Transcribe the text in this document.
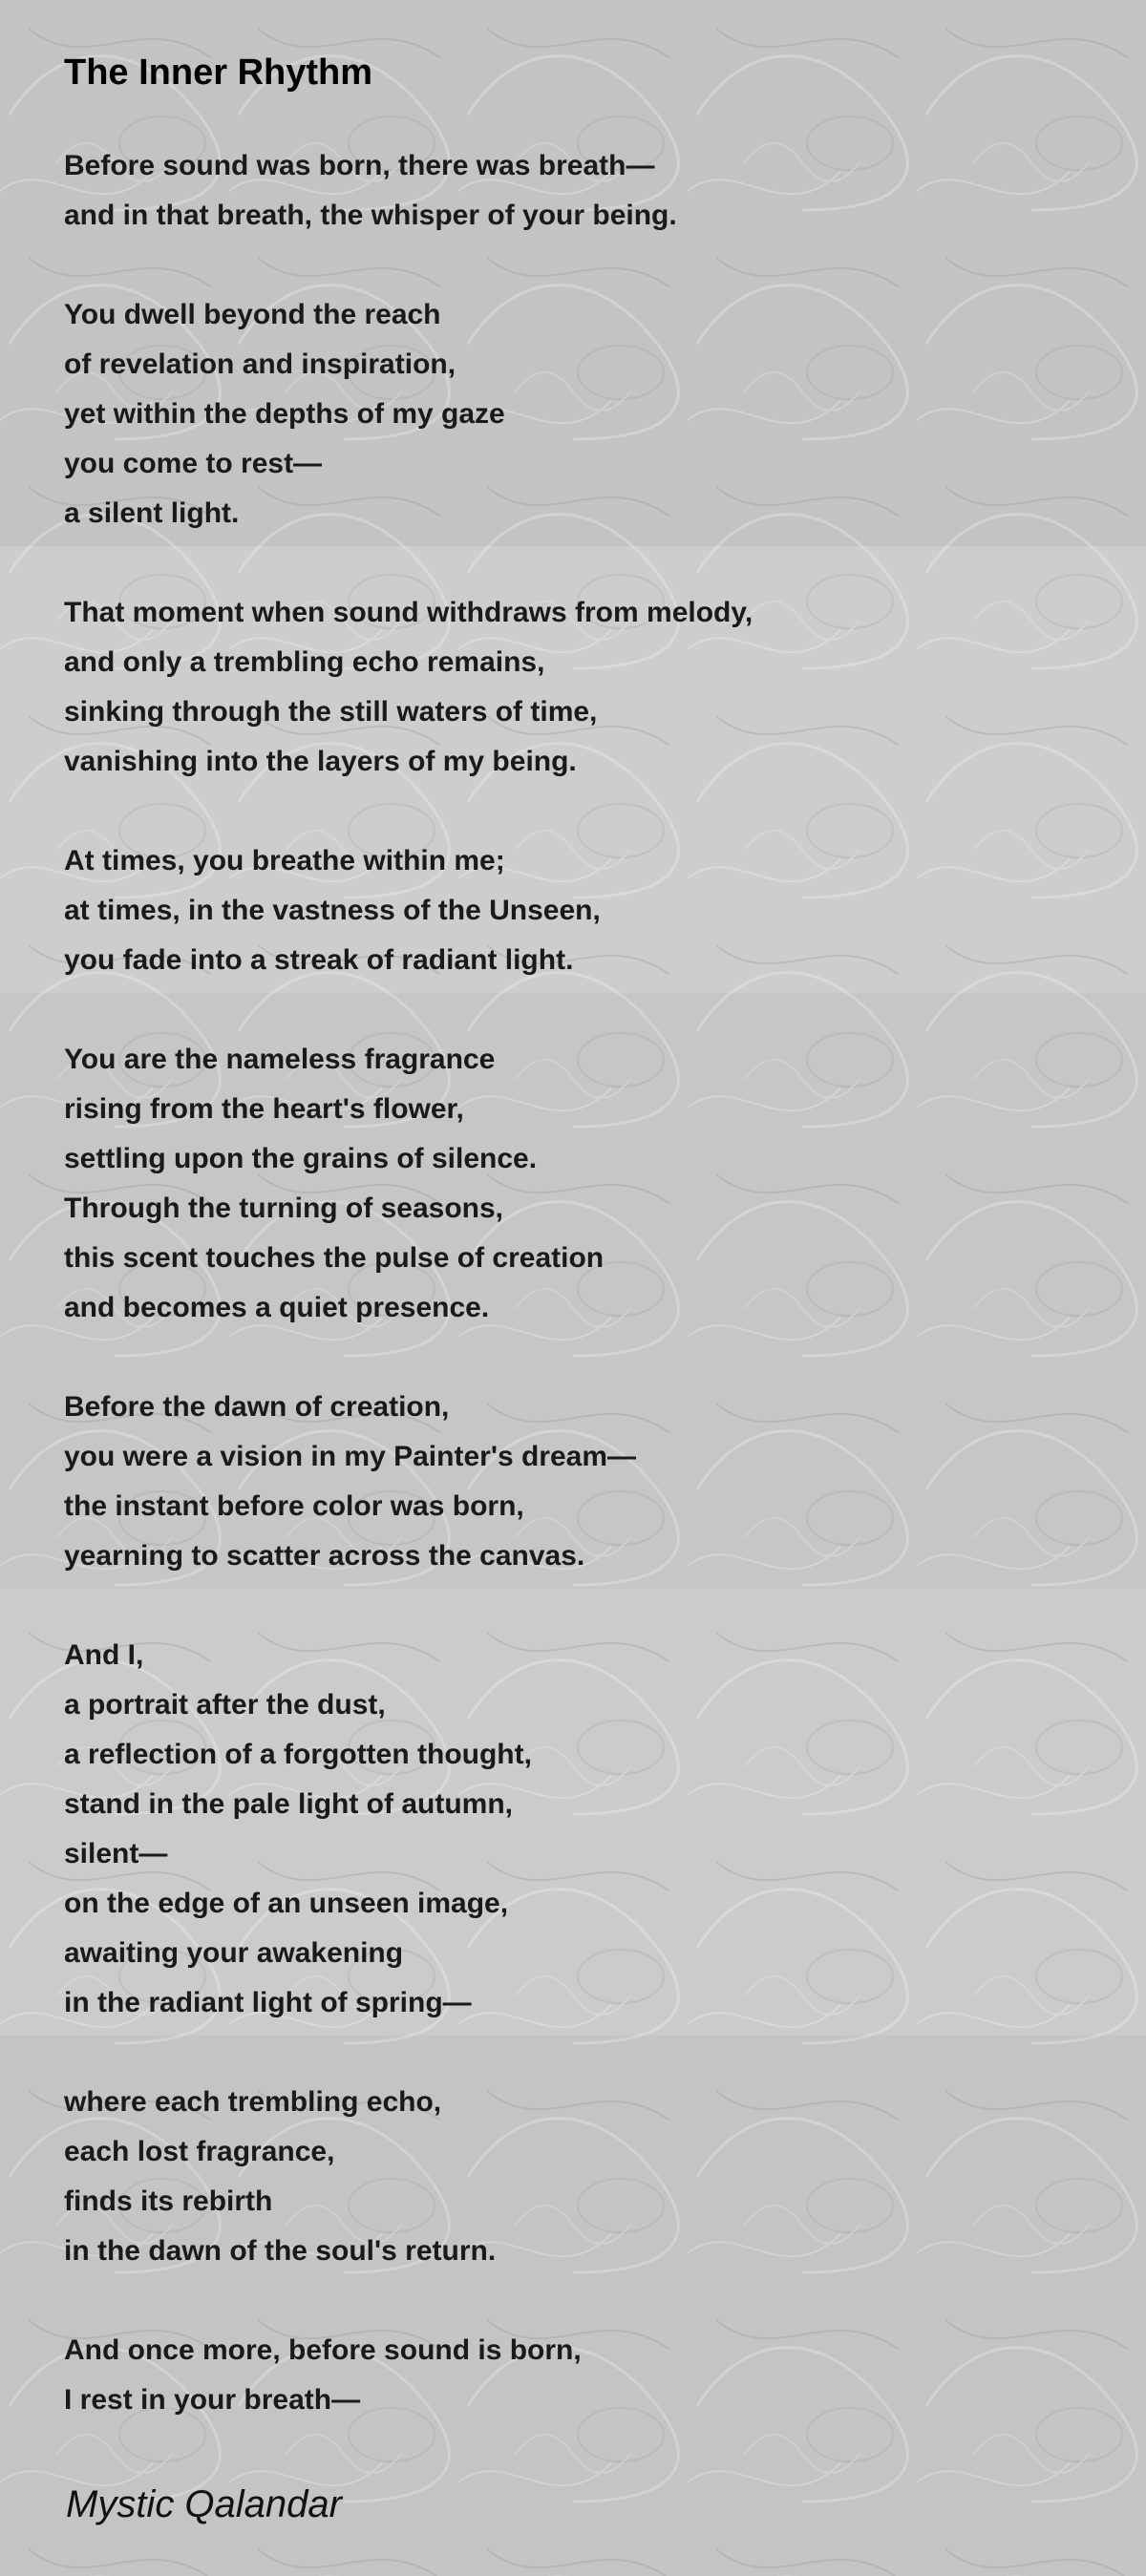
The Inner Rhythm
Before sound was born, there was breath—
and in that breath, the whisper of your being.
You dwell beyond the reach
of revelation and inspiration,
yet within the depths of my gaze
you come to rest—
a silent light.
That moment when sound withdraws from melody,
and only a trembling echo remains,
sinking through the still waters of time,
vanishing into the layers of my being.
At times, you breathe within me;
at times, in the vastness of the Unseen,
you fade into a streak of radiant light.
You are the nameless fragrance
rising from the heart's flower,
settling upon the grains of silence.
Through the turning of seasons,
this scent touches the pulse of creation
and becomes a quiet presence.
Before the dawn of creation,
you were a vision in my Painter's dream—
the instant before color was born,
yearning to scatter across the canvas.
And I,
a portrait after the dust,
a reflection of a forgotten thought,
stand in the pale light of autumn,
silent—
on the edge of an unseen image,
awaiting your awakening
in the radiant light of spring—
where each trembling echo,
each lost fragrance,
finds its rebirth
in the dawn of the soul's return.
And once more, before sound is born,
I rest in your breath—

Mystic Qalandar
